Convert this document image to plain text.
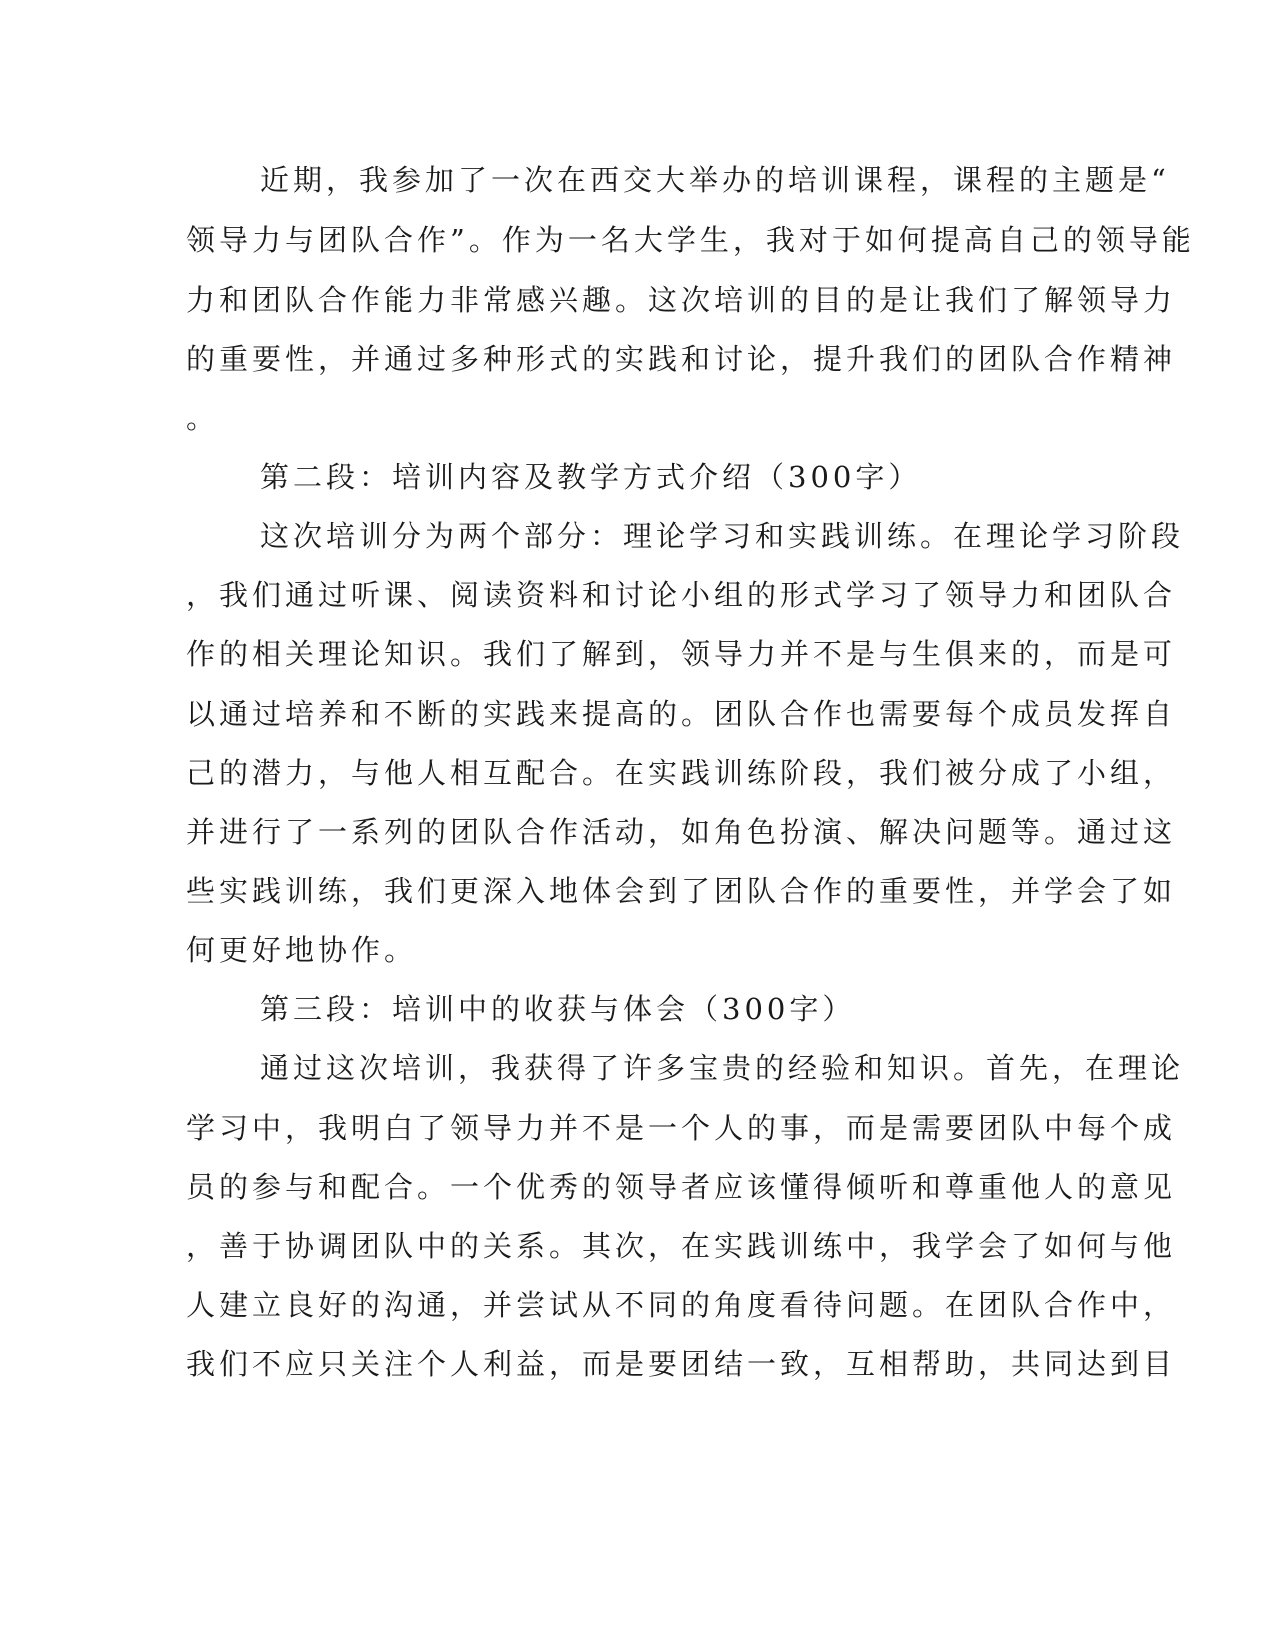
近期，我参加了一次在西交大举办的培训课程，课程的主题是“
领导力与团队合作”。作为一名大学生，我对于如何提高自己的领导能
力和团队合作能力非常感兴趣。这次培训的目的是让我们了解领导力
的重要性，并通过多种形式的实践和讨论，提升我们的团队合作精神
。
第二段：培训内容及教学方式介绍（300字）
这次培训分为两个部分：理论学习和实践训练。在理论学习阶段
，我们通过听课、阅读资料和讨论小组的形式学习了领导力和团队合
作的相关理论知识。我们了解到，领导力并不是与生俱来的，而是可
以通过培养和不断的实践来提高的。团队合作也需要每个成员发挥自
己的潜力，与他人相互配合。在实践训练阶段，我们被分成了小组，
并进行了一系列的团队合作活动，如角色扮演、解决问题等。通过这
些实践训练，我们更深入地体会到了团队合作的重要性，并学会了如
何更好地协作。
第三段：培训中的收获与体会（300字）
通过这次培训，我获得了许多宝贵的经验和知识。首先，在理论
学习中，我明白了领导力并不是一个人的事，而是需要团队中每个成
员的参与和配合。一个优秀的领导者应该懂得倾听和尊重他人的意见
，善于协调团队中的关系。其次，在实践训练中，我学会了如何与他
人建立良好的沟通，并尝试从不同的角度看待问题。在团队合作中，
我们不应只关注个人利益，而是要团结一致，互相帮助，共同达到目
